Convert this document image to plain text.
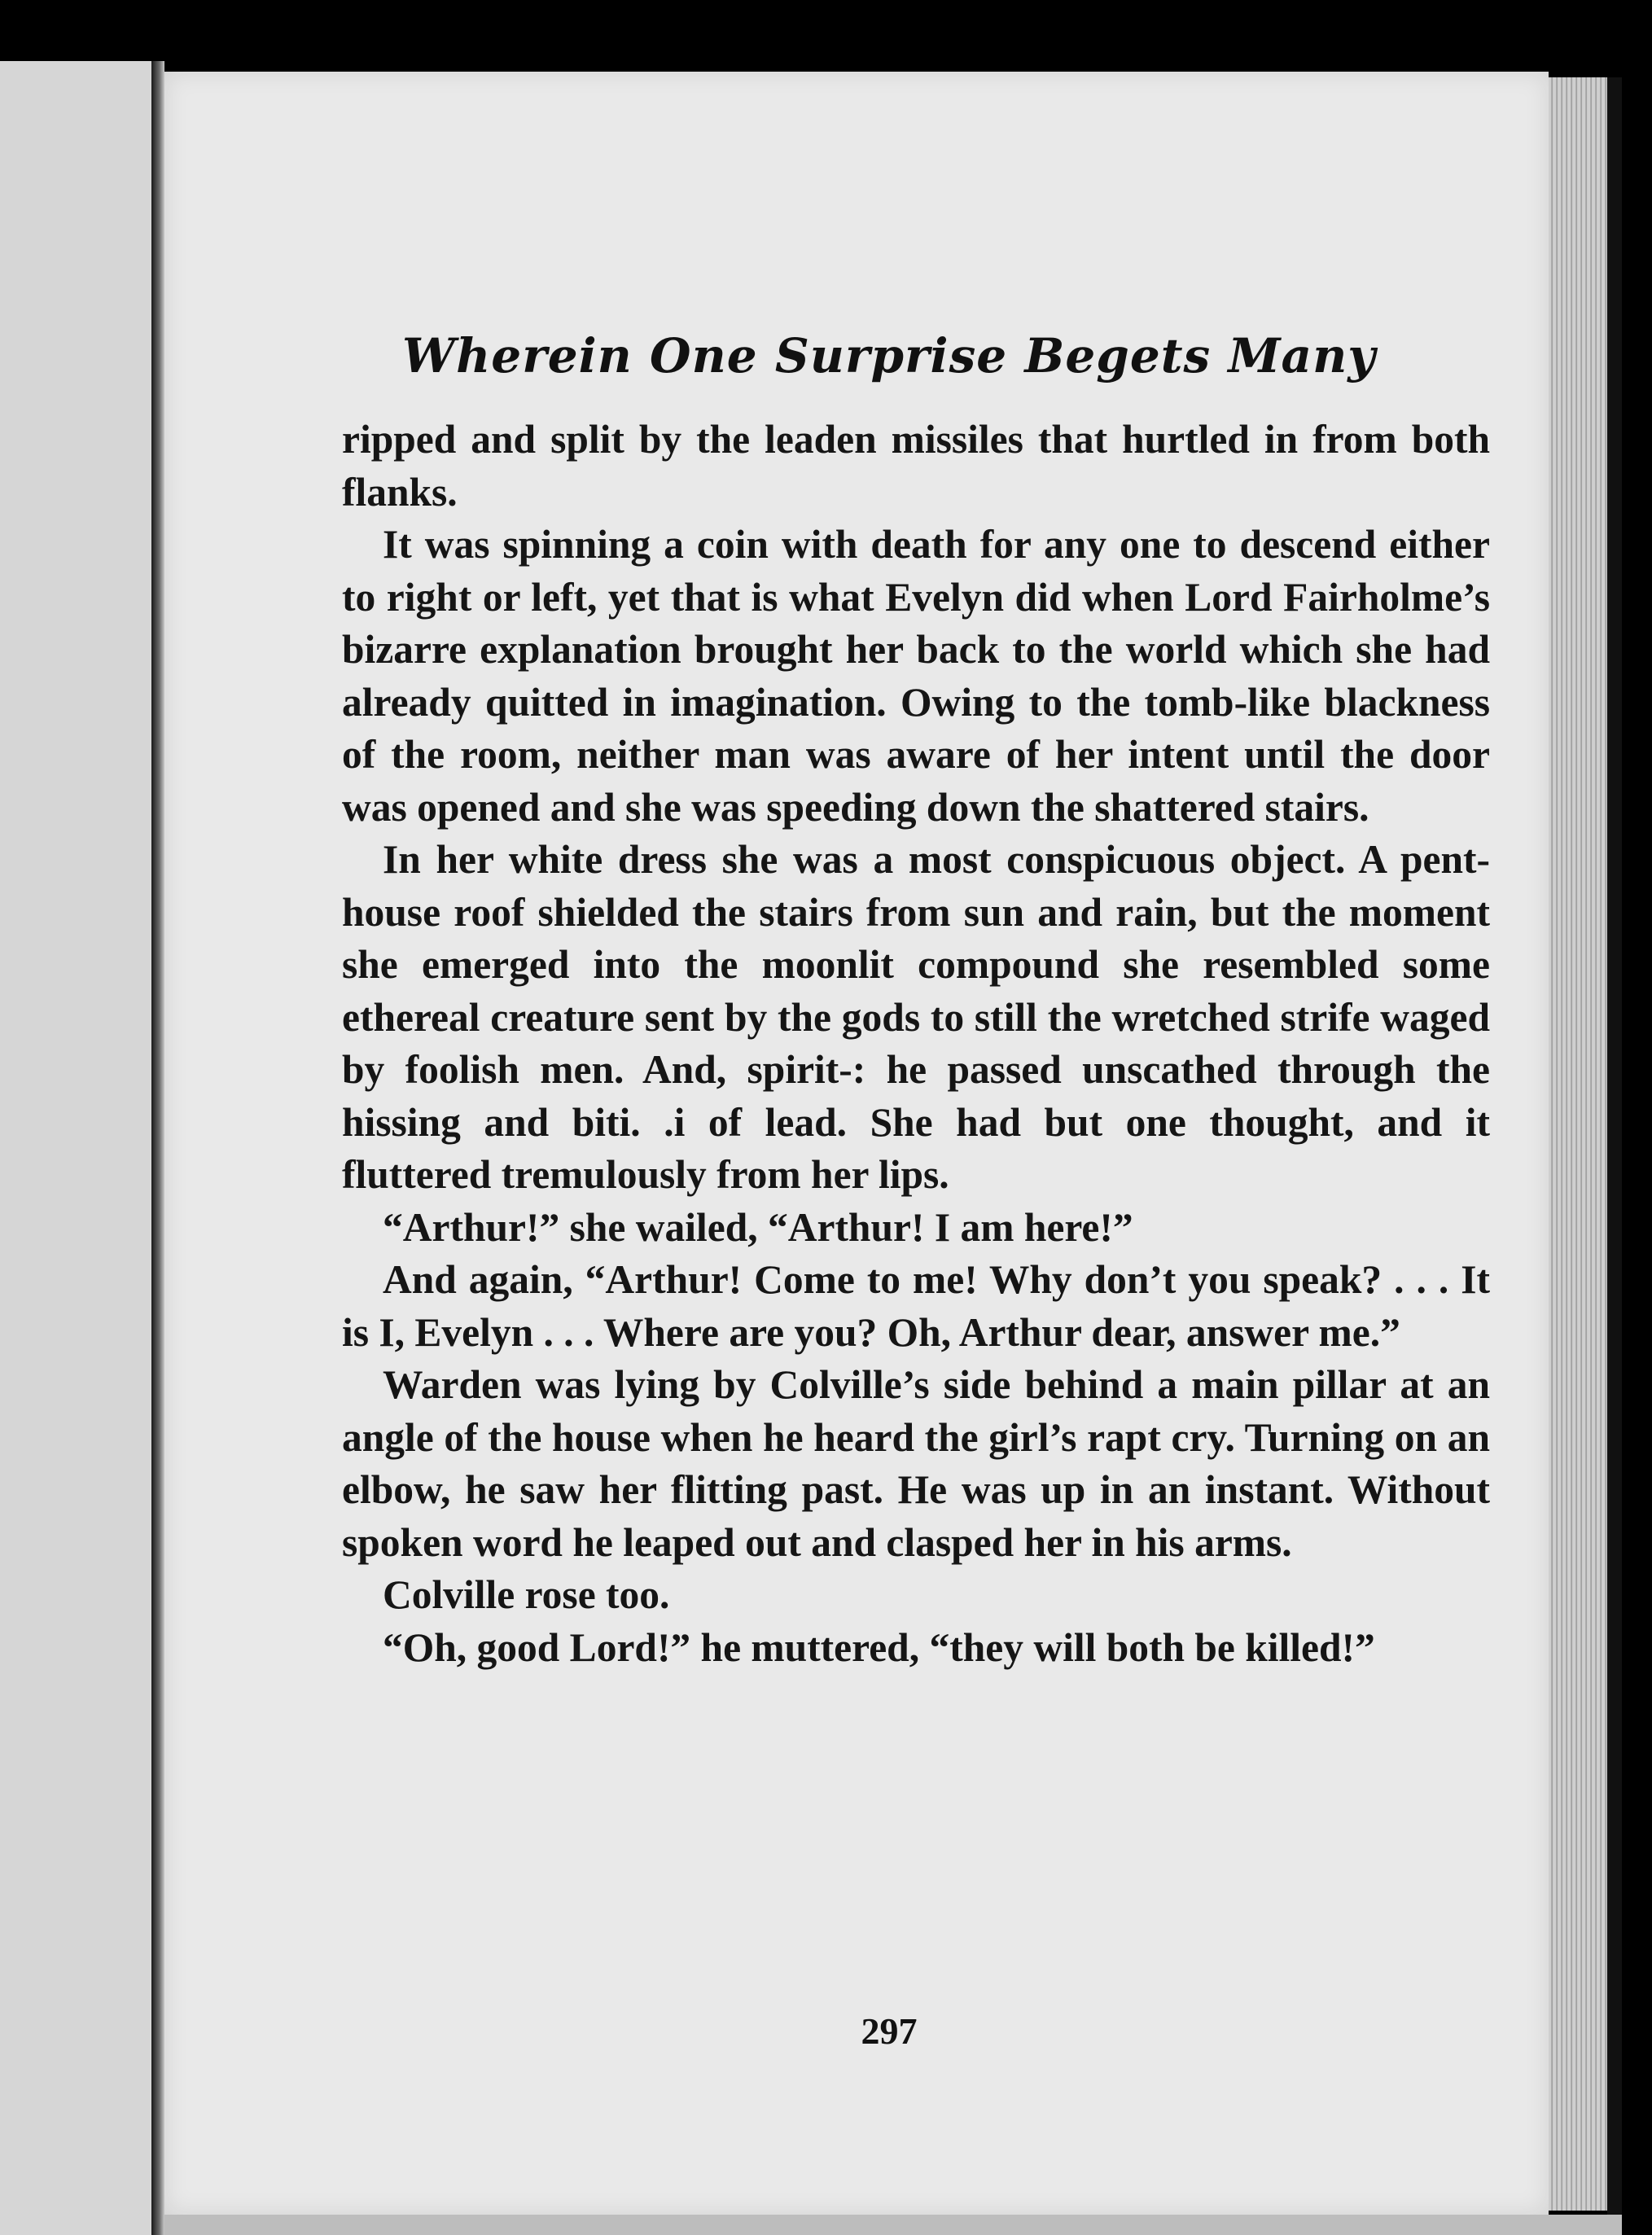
Wherein One Surprise Begets Many

ripped and split by the leaden missiles that hurtled in from both flanks.

It was spinning a coin with death for any one to descend either to right or left, yet that is what Evelyn did when Lord Fairholme’s bizarre explanation brought her back to the world which she had already quitted in imagination. Owing to the tomb-like blackness of the room, neither man was aware of her intent until the door was opened and she was speeding down the shattered stairs.

In her white dress she was a most conspicuous object. A pent-house roof shielded the stairs from sun and rain, but the moment she emerged into the moonlit compound she resembled some ethereal creature sent by the gods to still the wretched strife waged by foolish men. And, spirit-: he passed unscathed through the hissing and biti. .i of lead. She had but one thought, and it fluttered tremulously from her lips.

“Arthur!” she wailed, “Arthur! I am here!”

And again, “Arthur! Come to me! Why don’t you speak? . . . It is I, Evelyn . . . Where are you? Oh, Arthur dear, answer me.”

Warden was lying by Colville’s side behind a main pillar at an angle of the house when he heard the girl’s rapt cry. Turning on an elbow, he saw her flitting past. He was up in an instant. Without spoken word he leaped out and clasped her in his arms.

Colville rose too.

“Oh, good Lord!” he muttered, “they will both be killed!”

297
